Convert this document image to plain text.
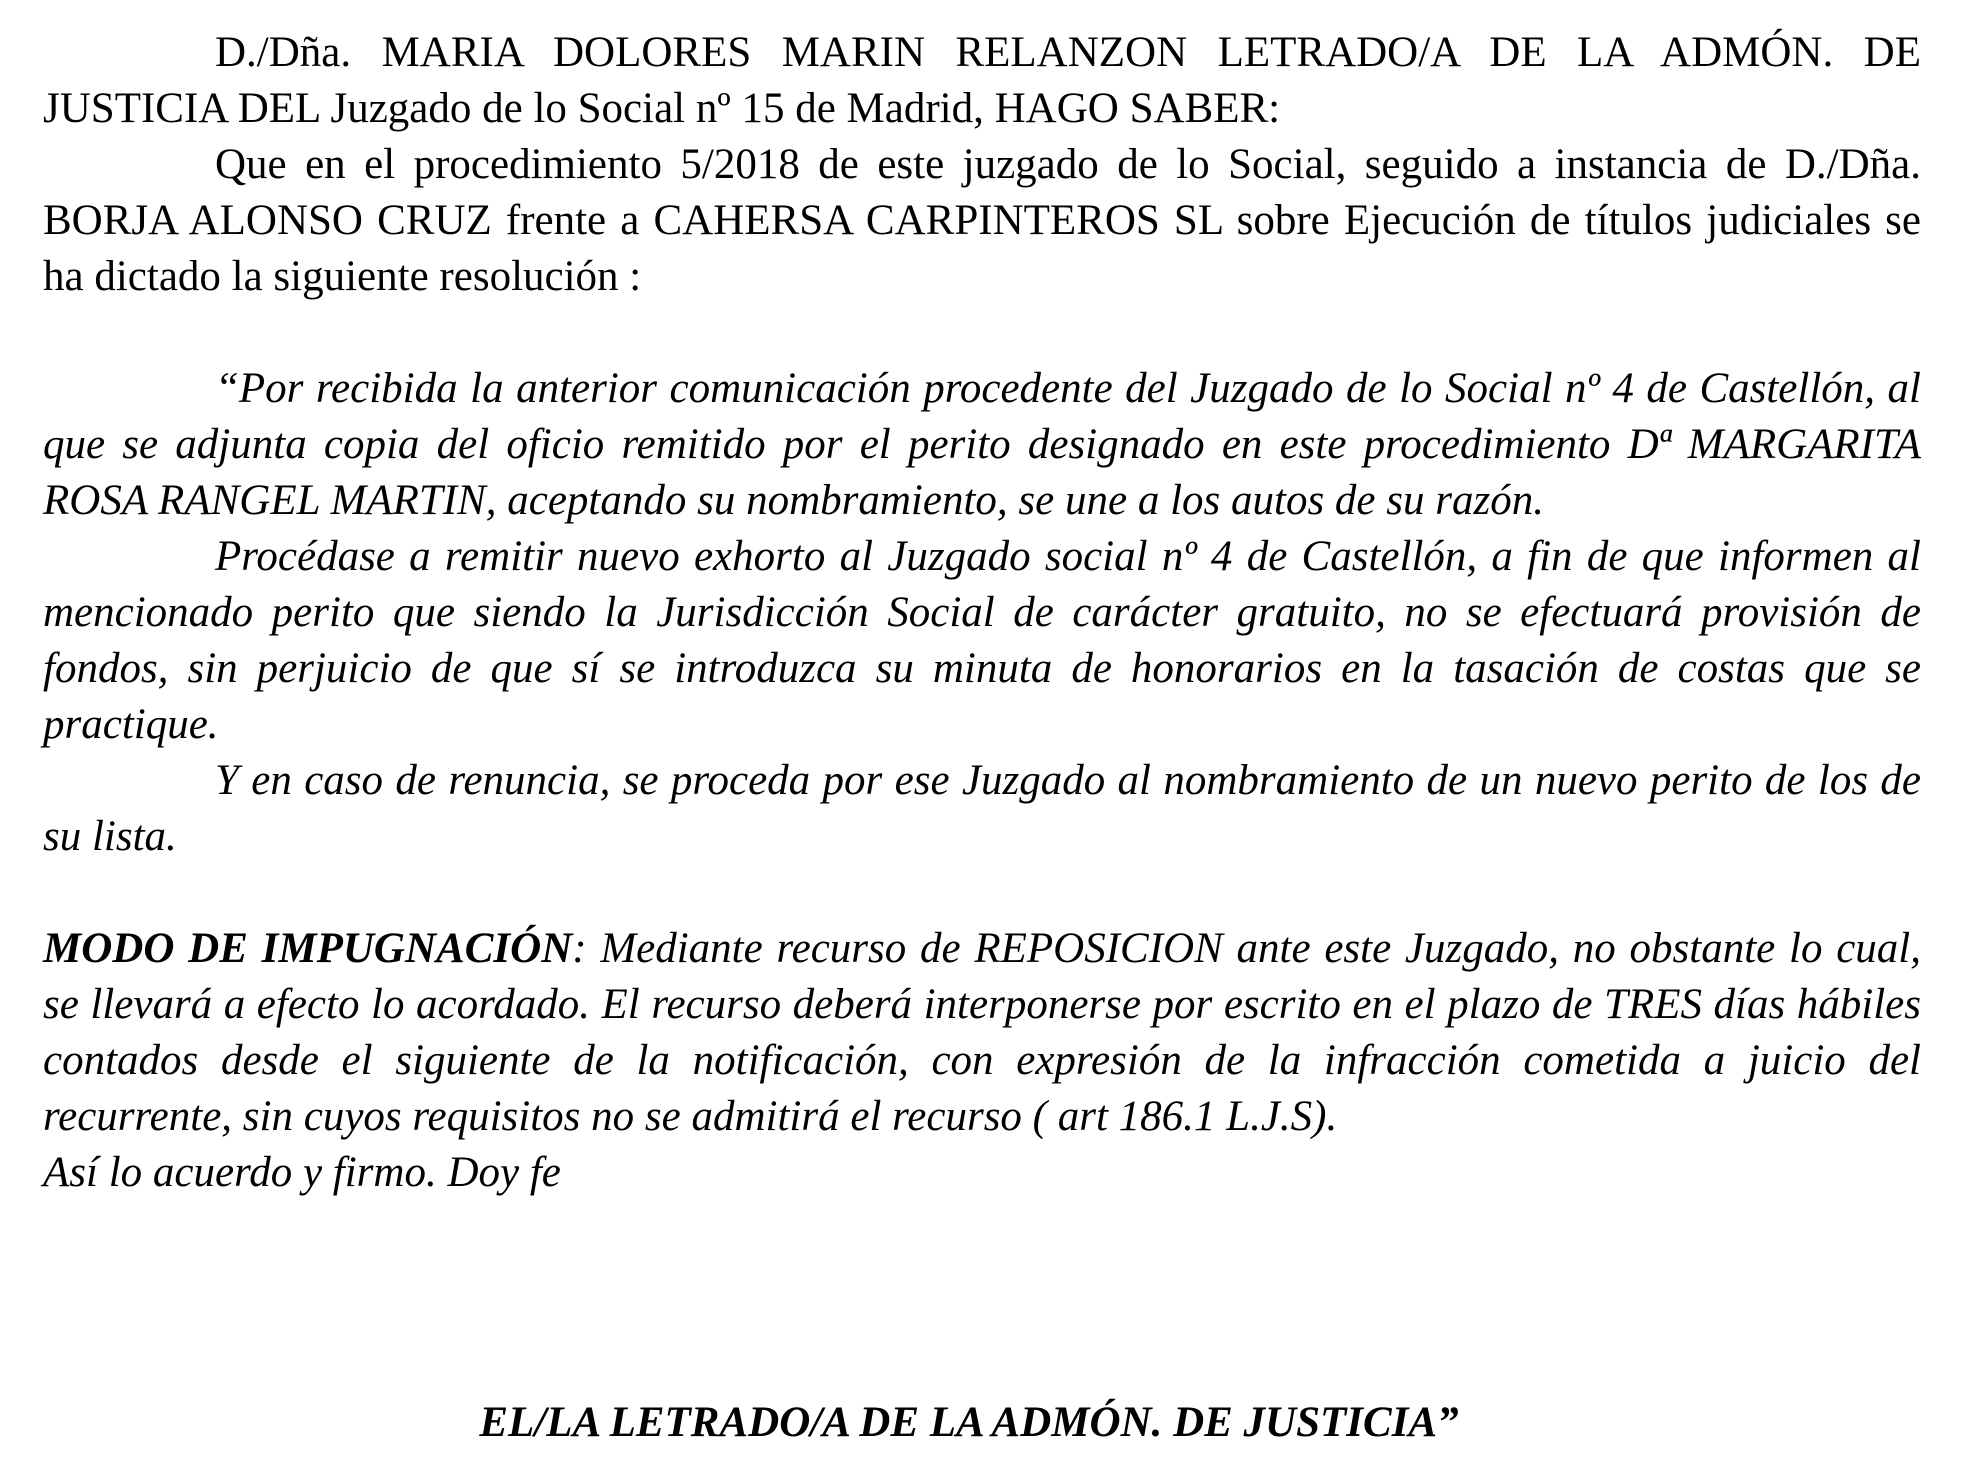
D./Dña. MARIA DOLORES MARIN RELANZON LETRADO/A DE LA ADMÓN. DE JUSTICIA DEL Juzgado de lo Social nº 15 de Madrid, HAGO SABER:

Que en el procedimiento 5/2018 de este juzgado de lo Social, seguido a instancia de D./Dña. BORJA ALONSO CRUZ frente a CAHERSA CARPINTEROS SL sobre Ejecución de títulos judiciales se ha dictado la siguiente resolución :

“Por recibida la anterior comunicación procedente del Juzgado de lo Social nº 4 de Castellón, al que se adjunta copia del oficio remitido por el perito designado en este procedimiento Dª MARGARITA ROSA RANGEL MARTIN, aceptando su nombramiento, se une a los autos de su razón.

Procédase a remitir nuevo exhorto al Juzgado social nº 4 de Castellón, a fin de que informen al mencionado perito que siendo la Jurisdicción Social de carácter gratuito, no se efectuará provisión de fondos, sin perjuicio de que sí se introduzca su minuta de honorarios en la tasación de costas que se practique.

Y en caso de renuncia, se proceda por ese Juzgado al nombramiento de un nuevo perito de los de su lista.

MODO DE IMPUGNACIÓN: Mediante recurso de REPOSICION ante este Juzgado, no obstante lo cual, se llevará a efecto lo acordado. El recurso deberá interponerse por escrito en el plazo de TRES días hábiles contados desde el siguiente de la notificación, con expresión de la infracción cometida a juicio del recurrente, sin cuyos requisitos no se admitirá el recurso ( art 186.1 L.J.S).

Así lo acuerdo y firmo. Doy fe

EL/LA LETRADO/A DE LA ADMÓN. DE JUSTICIA”
